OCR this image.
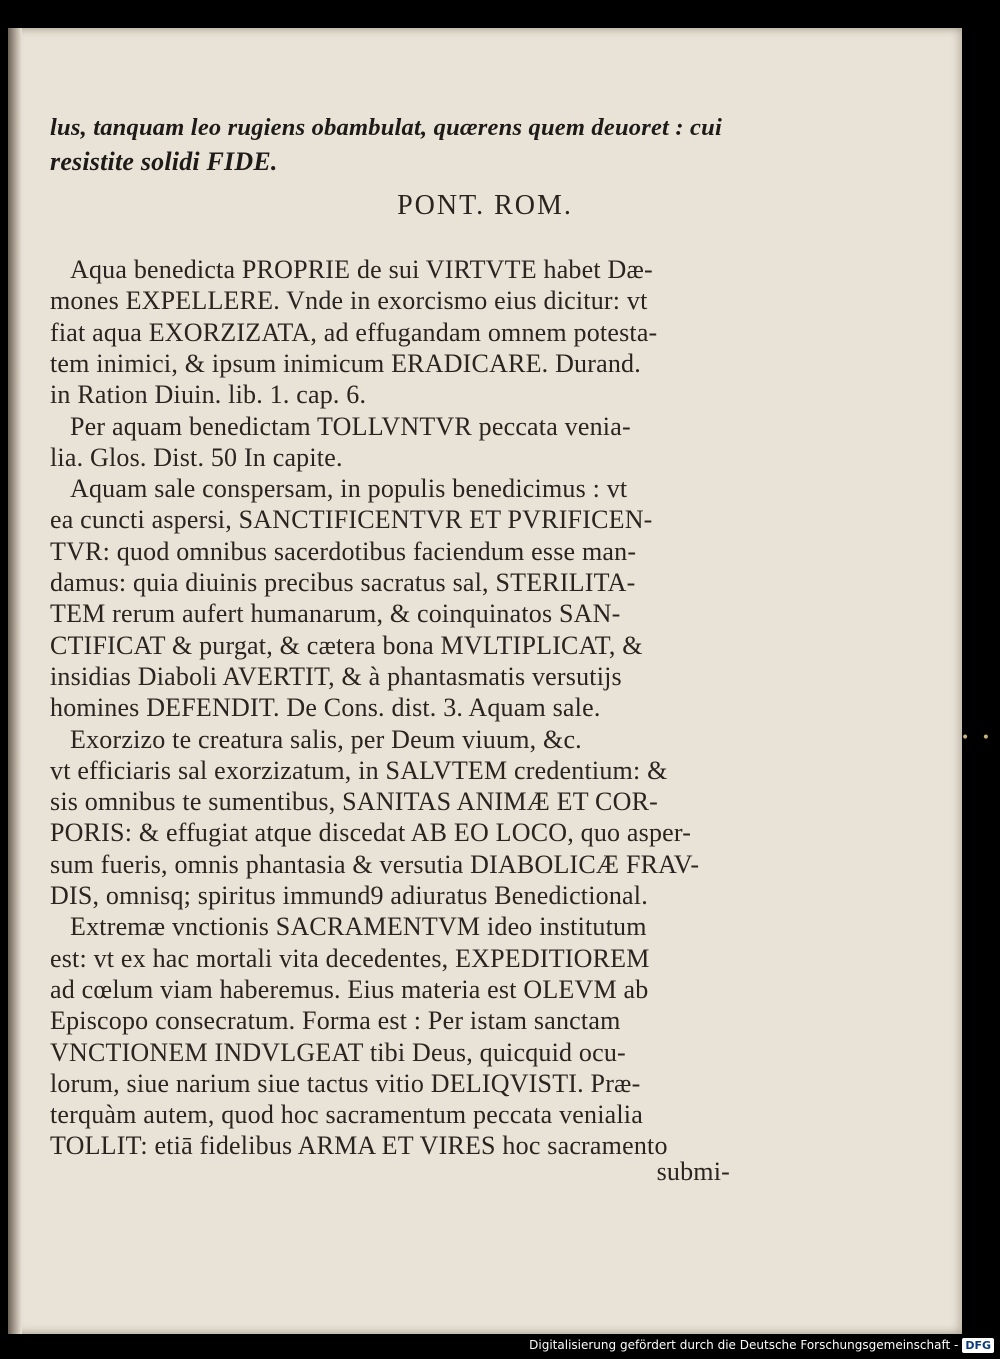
lus, tanquam leo rugiens obambulat, quærens quem deuoret : cui
resistite solidi FIDE.
PONT. ROM.
Aqua benedicta PROPRIE de sui VIRTVTE habet Dæ-
mones EXPELLERE. Vnde in exorcismo eius dicitur: vt
fiat aqua EXORZIZATA, ad effugandam omnem potesta-
tem inimici, & ipsum inimicum ERADICARE. Durand.
in Ration Diuin. lib. 1. cap. 6.
Per aquam benedictam TOLLVNTVR peccata venia-
lia. Glos. Dist. 50 In capite.
Aquam sale conspersam, in populis benedicimus : vt
ea cuncti aspersi, SANCTIFICENTVR ET PVRIFICEN-
TVR: quod omnibus sacerdotibus faciendum esse man-
damus: quia diuinis precibus sacratus sal, STERILITA-
TEM rerum aufert humanarum, & coinquinatos SAN-
CTIFICAT & purgat, & cætera bona MVLTIPLICAT, &
insidias Diaboli AVERTIT, & à phantasmatis versutijs
homines DEFENDIT. De Cons. dist. 3. Aquam sale.
Exorzizo te creatura salis, per Deum viuum, &c.
vt efficiaris sal exorzizatum, in SALVTEM credentium: &
sis omnibus te sumentibus, SANITAS ANIMÆ ET COR-
PORIS: & effugiat atque discedat AB EO LOCO, quo asper-
sum fueris, omnis phantasia & versutia DIABOLICÆ FRAV-
DIS, omnisq; spiritus immund9 adiuratus Benedictional.
Extremæ vnctionis SACRAMENTVM ideo institutum
est: vt ex hac mortali vita decedentes, EXPEDITIOREM
ad cœlum viam haberemus. Eius materia est OLEVM ab
Episcopo consecratum. Forma est : Per istam sanctam
VNCTIONEM INDVLGEAT tibi Deus, quicquid ocu-
lorum, siue narium siue tactus vitio DELIQVISTI. Præ-
terquàm autem, quod hoc sacramentum peccata venialia
TOLLIT: etiā fidelibus ARMA ET VIRES hoc sacramento
submi-
• •
Digitalisierung gefördert durch die Deutsche Forschungsgemeinschaft - DFG
